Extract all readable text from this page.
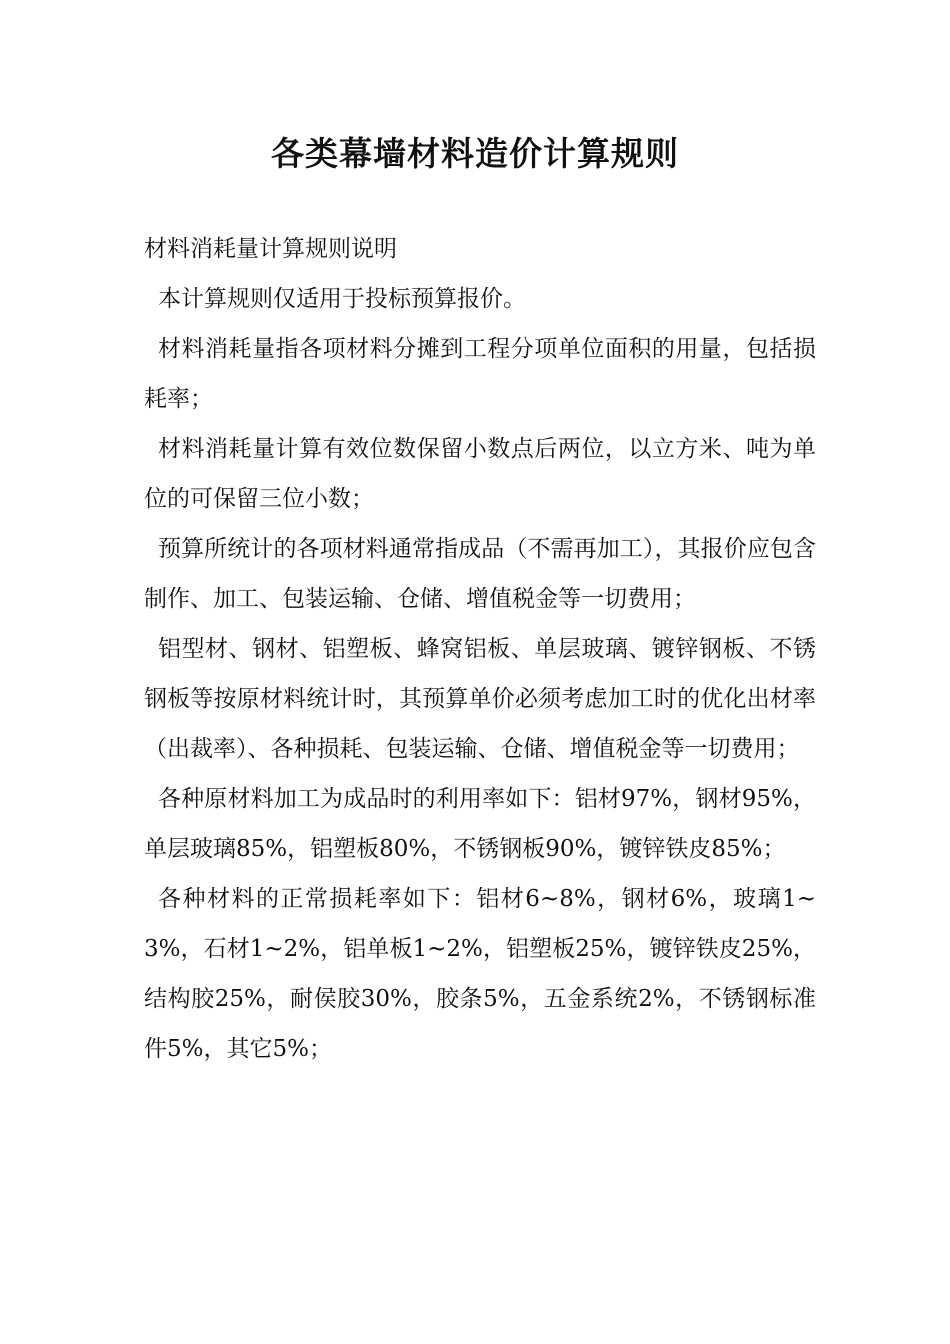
各类幕墙材料造价计算规则

材料消耗量计算规则说明

本计算规则仅适用于投标预算报价。

材料消耗量指各项材料分摊到工程分项单位面积的用量，包括损耗率；

材料消耗量计算有效位数保留小数点后两位，以立方米、吨为单位的可保留三位小数；

预算所统计的各项材料通常指成品（不需再加工），其报价应包含制作、加工、包装运输、仓储、增值税金等一切费用；

铝型材、钢材、铝塑板、蜂窝铝板、单层玻璃、镀锌钢板、不锈钢板等按原材料统计时，其预算单价必须考虑加工时的优化出材率（出裁率）、各种损耗、包装运输、仓储、增值税金等一切费用；

各种原材料加工为成品时的利用率如下：铝材97%，钢材95%，单层玻璃85%，铝塑板80%，不锈钢板90%，镀锌铁皮85%；

各种材料的正常损耗率如下：铝材6~8%，钢材6%，玻璃1~3%，石材1~2%，铝单板1~2%，铝塑板25%，镀锌铁皮25%，结构胶25%，耐侯胶30%，胶条5%，五金系统2%，不锈钢标准件5%，其它5%；
